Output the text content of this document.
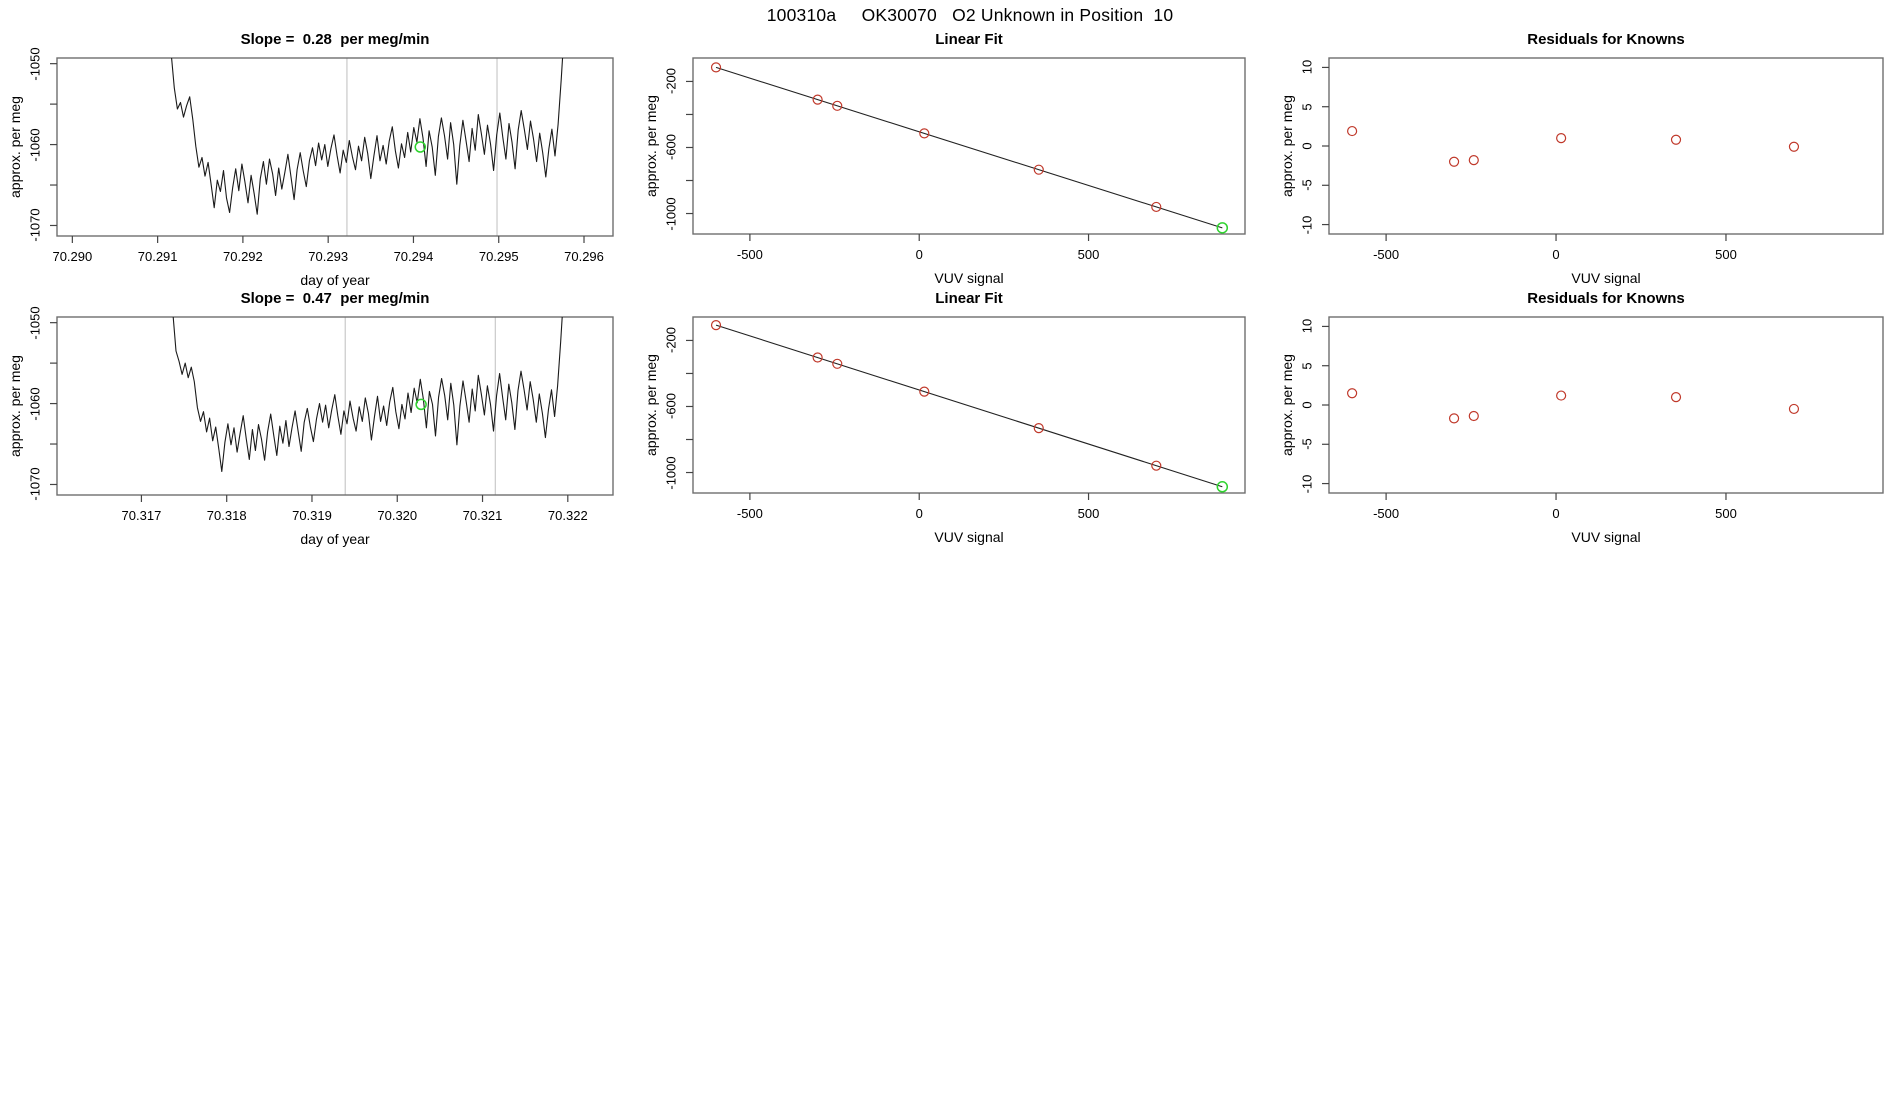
100310a     OK30070   O2 Unknown in Position  10
Slope =  0.28  per meg/min
approx. per meg
day of year
70.290	70.291	70.292	70.293	70.294	70.295	70.296
-1050
-1060
-1070
Linear Fit
approx. per meg
VUV signal
-500	0	500
-200
-600
-1000
Residuals for Knowns
approx. per meg
VUV signal
-500	0	500
-10
-5
0
5
10
Slope =  0.47  per meg/min
approx. per meg
day of year
70.317	70.318	70.319	70.320	70.321	70.322
-1050
-1060
-1070
Linear Fit
approx. per meg
VUV signal
-500	0	500
-200
-600
-1000
Residuals for Knowns
approx. per meg
VUV signal
-500	0	500
-10
-5
0
5
10
